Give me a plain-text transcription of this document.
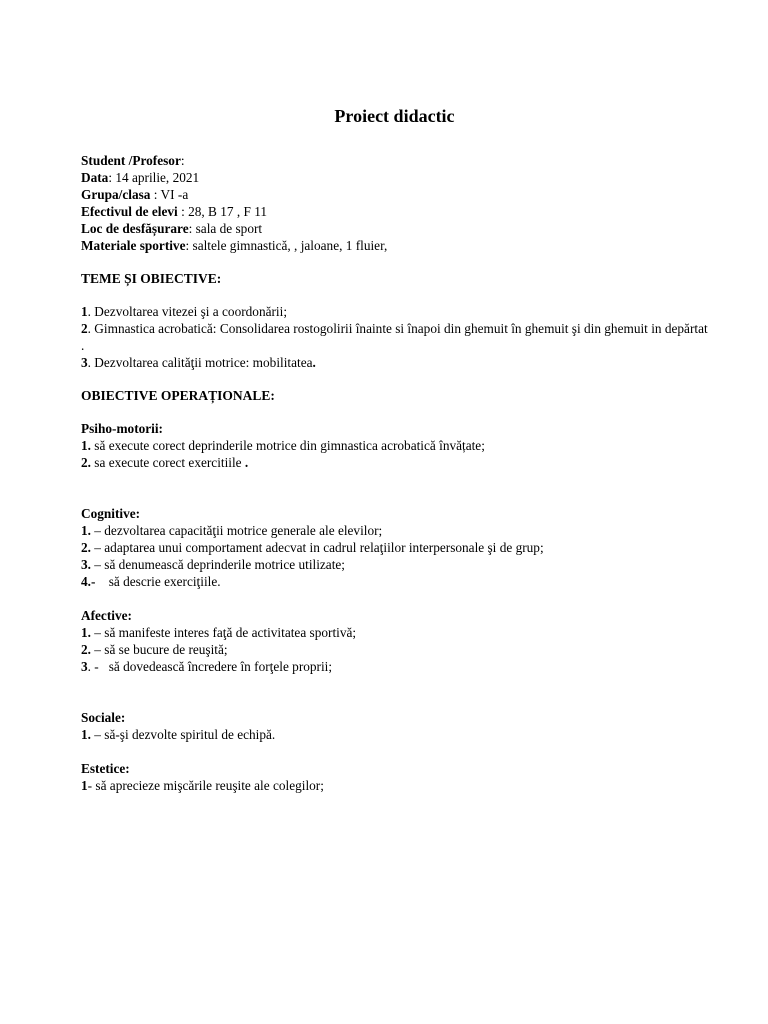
Proiect didactic

Student /Profesor:

Data: 14 aprilie, 2021

Grupa/clasa : VI -a

Efectivul de elevi : 28, B 17 , F 11

Loc de desfășurare: sala de sport

Materiale sportive: saltele gimnastică, , jaloane, 1 fluier,

TEME ȘI OBIECTIVE:

1. Dezvoltarea vitezei şi a coordonării;

2. Gimnastica acrobatică: Consolidarea rostogolirii înainte si înapoi din ghemuit în ghemuit şi din ghemuit in depărtat .

3. Dezvoltarea calităţii motrice: mobilitatea.

OBIECTIVE OPERAȚIONALE:

Psiho-motorii:

1. să execute corect deprinderile motrice din gimnastica acrobatică învățate;

2. sa execute corect exercitiile .

Cognitive:

1. – dezvoltarea capacităţii motrice generale ale elevilor;

2. – adaptarea unui comportament adecvat in cadrul relaţiilor interpersonale şi de grup;

3. – să denumească deprinderile motrice utilizate;

4.-    să descrie exerciţiile.

Afective:

1. – să manifeste interes faţă de activitatea sportivă;

2. – să se bucure de reuşită;

3. -   să dovedească încredere în forţele proprii;

Sociale:

1. – să-şi dezvolte spiritul de echipă.

Estetice:

1- să aprecieze mişcările reuşite ale colegilor;
